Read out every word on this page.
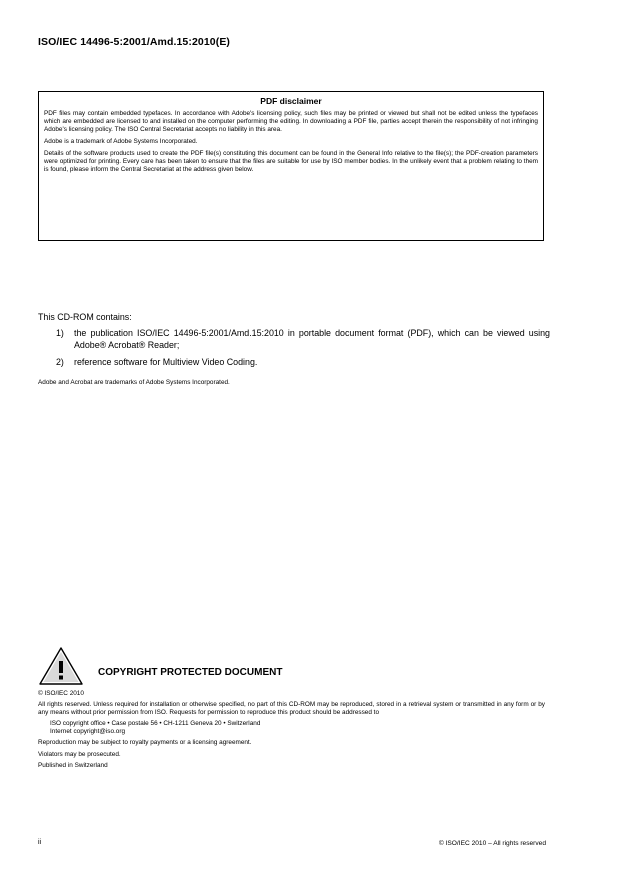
ISO/IEC 14496-5:2001/Amd.15:2010(E)
PDF disclaimer

PDF files may contain embedded typefaces. In accordance with Adobe's licensing policy, such files may be printed or viewed but shall not be edited unless the typefaces which are embedded are licensed to and installed on the computer performing the editing. In downloading a PDF file, parties accept therein the responsibility of not infringing Adobe's licensing policy. The ISO Central Secretariat accepts no liability in this area.

Adobe is a trademark of Adobe Systems Incorporated.

Details of the software products used to create the PDF file(s) constituting this document can be found in the General Info relative to the file(s); the PDF-creation parameters were optimized for printing. Every care has been taken to ensure that the files are suitable for use by ISO member bodies. In the unlikely event that a problem relating to them is found, please inform the Central Secretariat at the address given below.

This CD-ROM contains:

1) the publication ISO/IEC 14496-5:2001/Amd.15:2010 in portable document format (PDF), which can be viewed using Adobe® Acrobat® Reader;
2) reference software for Multiview Video Coding.
Adobe and Acrobat are trademarks of Adobe Systems Incorporated.
COPYRIGHT PROTECTED DOCUMENT

© ISO/IEC 2010

All rights reserved. Unless required for installation or otherwise specified, no part of this CD-ROM may be reproduced, stored in a retrieval system or transmitted in any form or by any means without prior permission from ISO. Requests for permission to reproduce this product should be addressed to

ISO copyright office • Case postale 56 • CH-1211 Geneva 20 • Switzerland

Internet copyright@iso.org

Reproduction may be subject to royalty payments or a licensing agreement.

Violators may be prosecuted.

Published in Switzerland

ii	© ISO/IEC 2010 – All rights reserved
